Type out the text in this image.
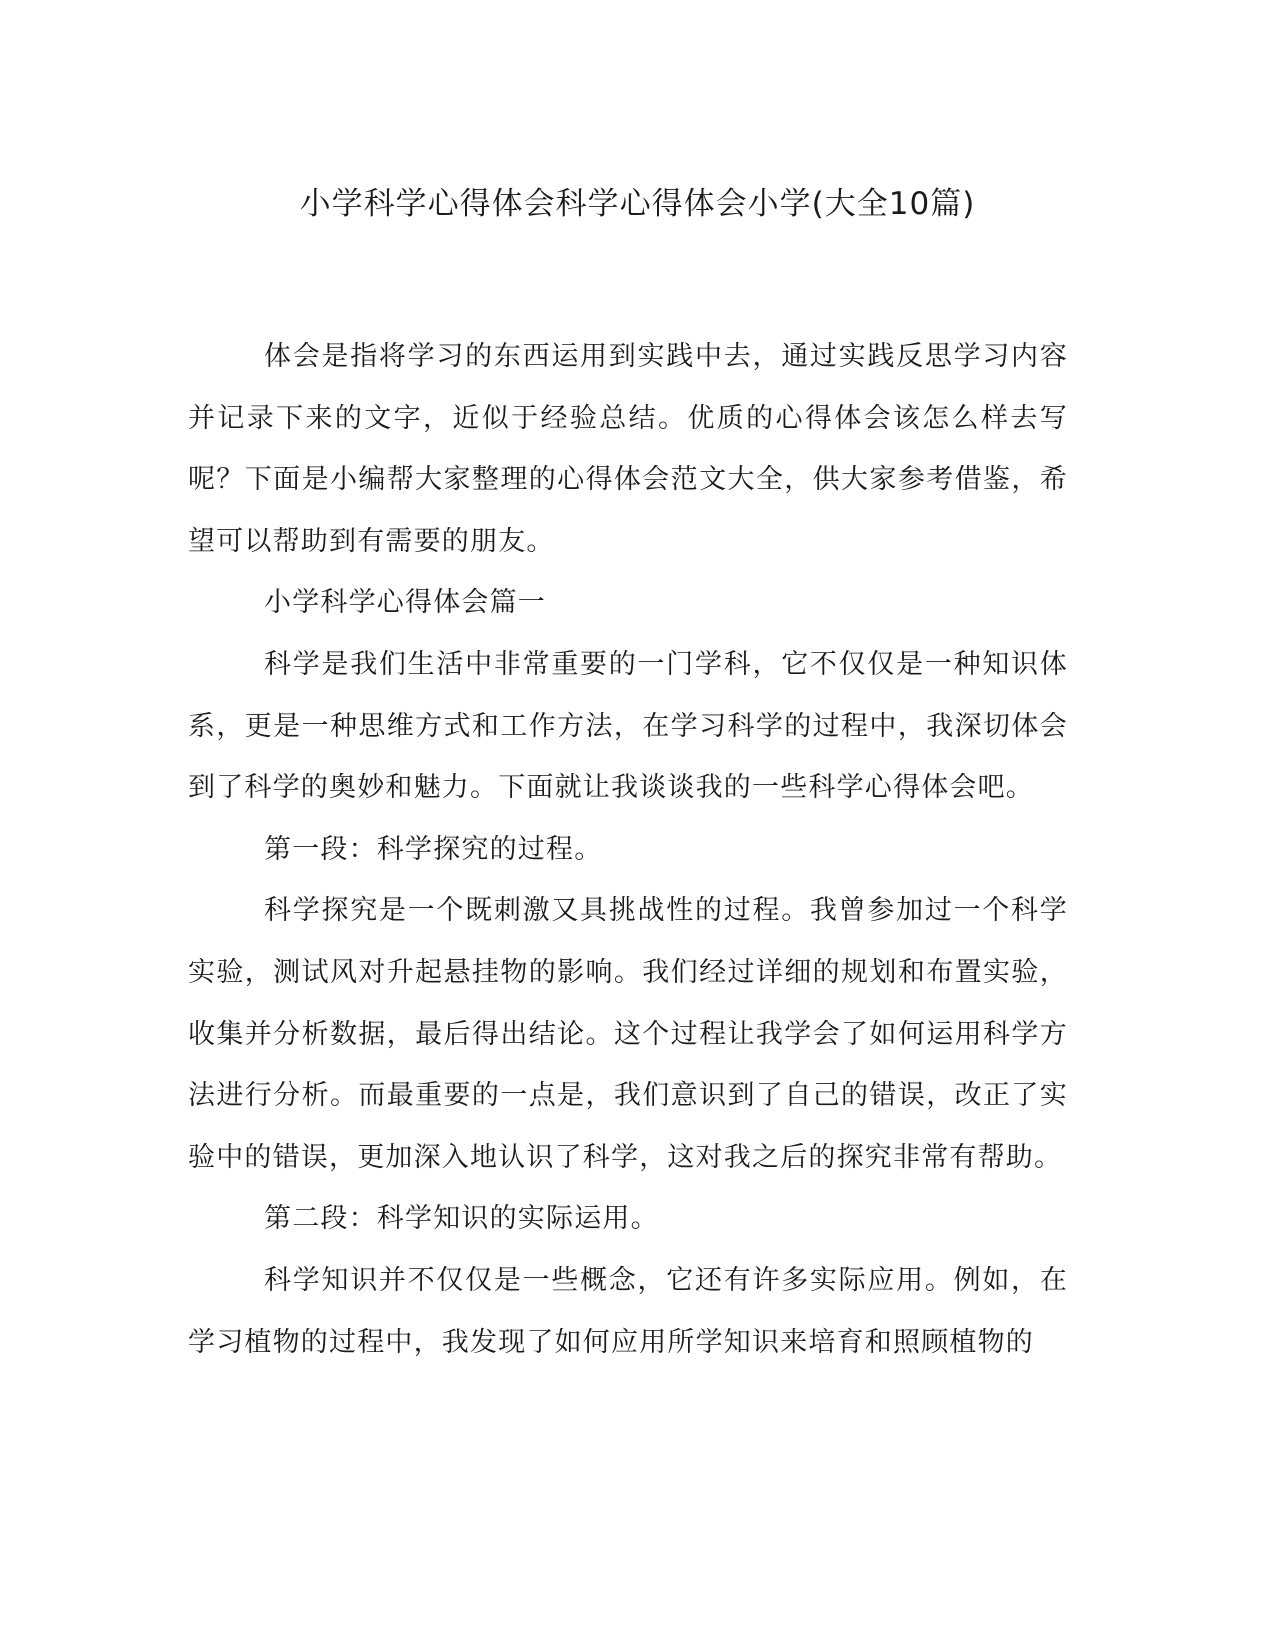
小学科学心得体会科学心得体会小学(大全10篇)

体会是指将学习的东西运用到实践中去，通过实践反思学习内容并记录下来的文字，近似于经验总结。优质的心得体会该怎么样去写呢？下面是小编帮大家整理的心得体会范文大全，供大家参考借鉴，希望可以帮助到有需要的朋友。

小学科学心得体会篇一

科学是我们生活中非常重要的一门学科，它不仅仅是一种知识体系，更是一种思维方式和工作方法，在学习科学的过程中，我深切体会到了科学的奥妙和魅力。下面就让我谈谈我的一些科学心得体会吧。

第一段：科学探究的过程。

科学探究是一个既刺激又具挑战性的过程。我曾参加过一个科学实验，测试风对升起悬挂物的影响。我们经过详细的规划和布置实验，收集并分析数据，最后得出结论。这个过程让我学会了如何运用科学方法进行分析。而最重要的一点是，我们意识到了自己的错误，改正了实验中的错误，更加深入地认识了科学，这对我之后的探究非常有帮助。

第二段：科学知识的实际运用。

科学知识并不仅仅是一些概念，它还有许多实际应用。例如，在学习植物的过程中，我发现了如何应用所学知识来培育和照顾植物的
